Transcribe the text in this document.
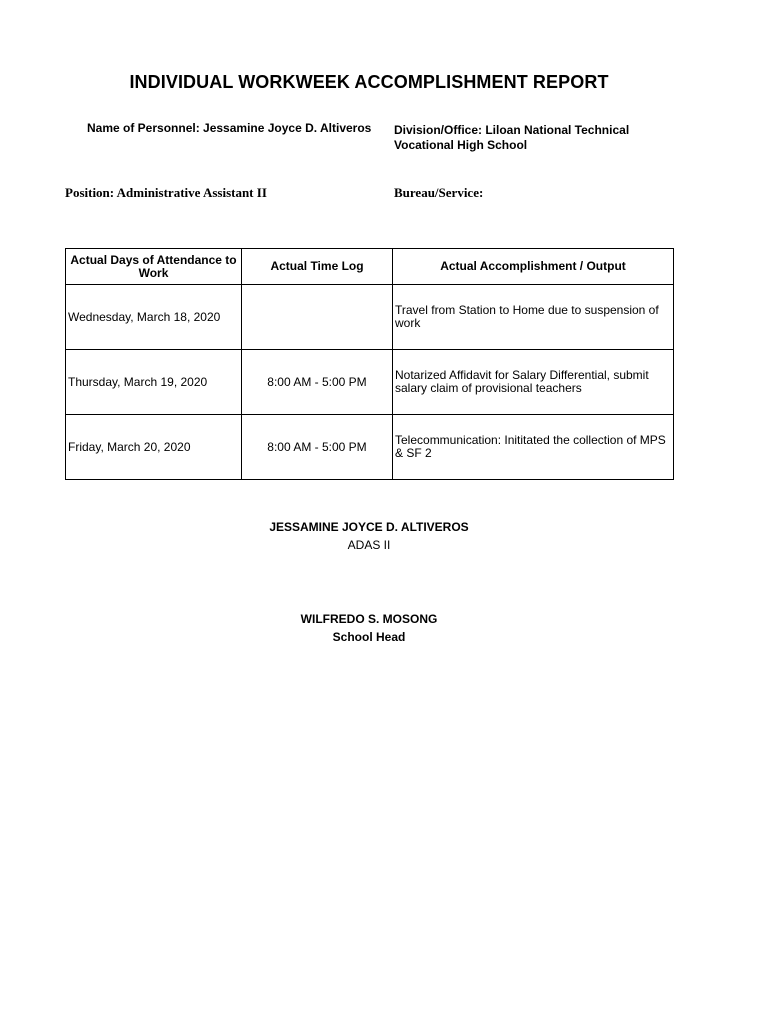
INDIVIDUAL WORKWEEK ACCOMPLISHMENT REPORT
Name of Personnel: Jessamine Joyce D. Altiveros Division/Office: Liloan National Technical Vocational High School
Position: Administrative Assistant II	Bureau/Service:
Actual Days of Attendance to Work	Actual Time Log	Actual Accomplishment / Output
Wednesday, March 18, 2020		Travel from Station to Home due to suspension of work
Thursday, March 19, 2020	8:00 AM - 5:00 PM	Notarized Affidavit for Salary Differential, submit salary claim of provisional teachers
Friday, March 20, 2020	8:00 AM - 5:00 PM	Telecommunication: Inititated the collection of MPS & SF 2
JESSAMINE JOYCE D. ALTIVEROS
ADAS II
WILFREDO S. MOSONG
School Head
